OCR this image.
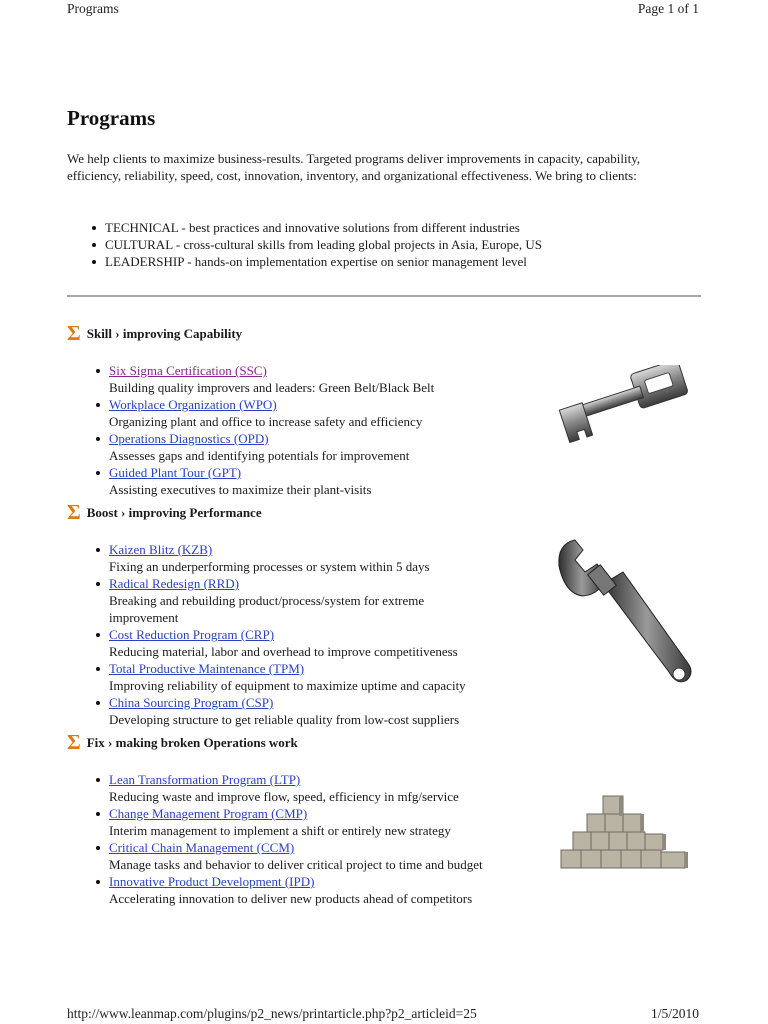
Programs	Page 1 of 1
Programs
We help clients to maximize business-results. Targeted programs deliver improvements in capacity, capability, efficiency, reliability, speed, cost, innovation, inventory, and organizational effectiveness. We bring to clients:
TECHNICAL - best practices and innovative solutions from different industries
CULTURAL - cross-cultural skills from leading global projects in Asia, Europe, US
LEADERSHIP - hands-on implementation expertise on senior management level
Σ Skill › improving Capability
Six Sigma Certification (SSC)
Building quality improvers and leaders: Green Belt/Black Belt
Workplace Organization (WPO)
Organizing plant and office to increase safety and efficiency
Operations Diagnostics (OPD)
Assesses gaps and identifying potentials for improvement
Guided Plant Tour (GPT)
Assisting executives to maximize their plant-visits
Σ Boost › improving Performance
Kaizen Blitz (KZB)
Fixing an underperforming processes or system within 5 days
Radical Redesign (RRD)
Breaking and rebuilding product/process/system for extreme improvement
Cost Reduction Program (CRP)
Reducing material, labor and overhead to improve competitiveness
Total Productive Maintenance (TPM)
Improving reliability of equipment to maximize uptime and capacity
China Sourcing Program (CSP)
Developing structure to get reliable quality from low-cost suppliers
Σ Fix › making broken Operations work
Lean Transformation Program (LTP)
Reducing waste and improve flow, speed, efficiency in mfg/service
Change Management Program (CMP)
Interim management to implement a shift or entirely new strategy
Critical Chain Management (CCM)
Manage tasks and behavior to deliver critical project to time and budget
Innovative Product Development (IPD)
Accelerating innovation to deliver new products ahead of competitors
http://www.leanmap.com/plugins/p2_news/printarticle.php?p2_articleid=25	1/5/2010
